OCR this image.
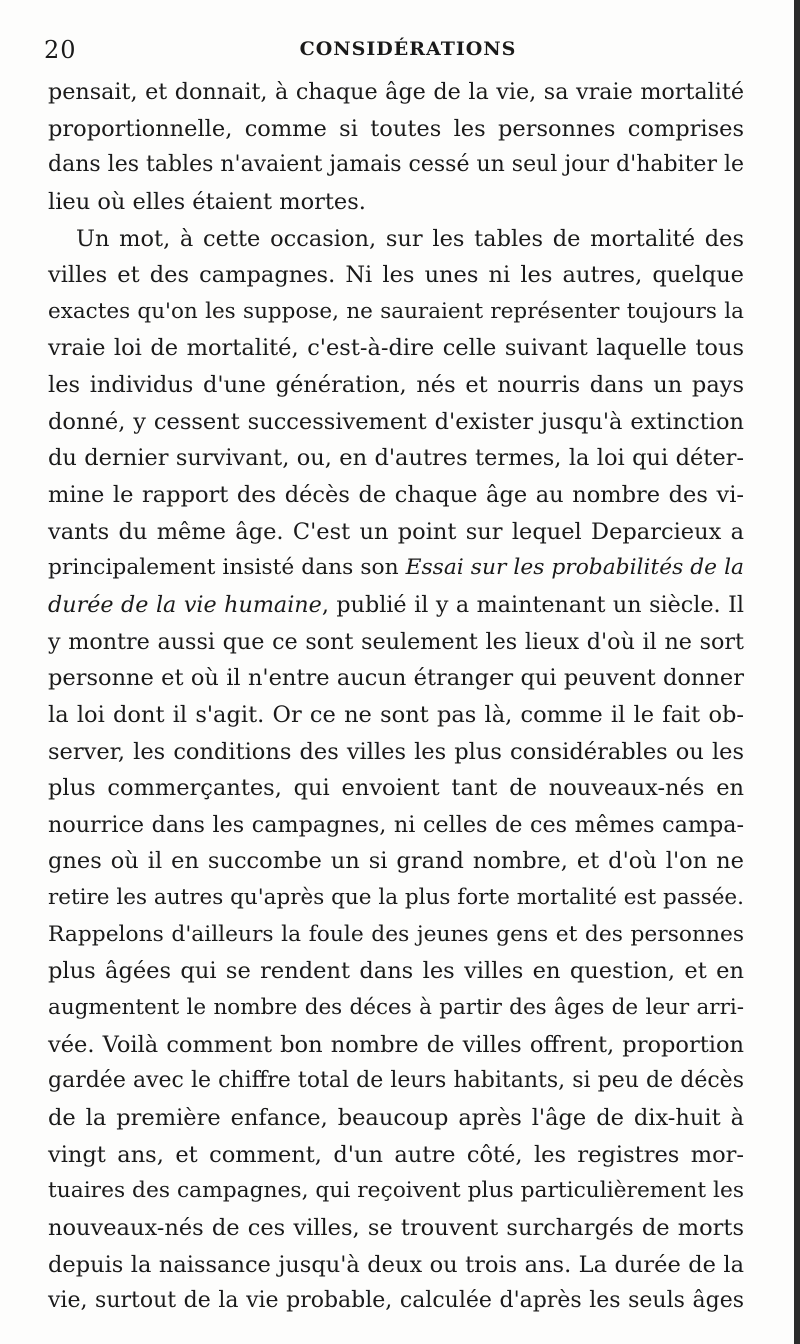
20	CONSIDÉRATIONS
pensait, et donnait, à chaque âge de la vie, sa vraie mortalité
proportionnelle, comme si toutes les personnes comprises
dans les tables n'avaient jamais cessé un seul jour d'habiter le
lieu où elles étaient mortes.
Un mot, à cette occasion, sur les tables de mortalité des
villes et des campagnes. Ni les unes ni les autres, quelque
exactes qu'on les suppose, ne sauraient représenter toujours la
vraie loi de mortalité, c'est-à-dire celle suivant laquelle tous
les individus d'une génération, nés et nourris dans un pays
donné, y cessent successivement d'exister jusqu'à extinction
du dernier survivant, ou, en d'autres termes, la loi qui déter-
mine le rapport des décès de chaque âge au nombre des vi-
vants du même âge. C'est un point sur lequel Deparcieux a
principalement insisté dans son Essai sur les probabilités de la
durée de la vie humaine, publié il y a maintenant un siècle. Il
y montre aussi que ce sont seulement les lieux d'où il ne sort
personne et où il n'entre aucun étranger qui peuvent donner
la loi dont il s'agit. Or ce ne sont pas là, comme il le fait ob-
server, les conditions des villes les plus considérables ou les
plus commerçantes, qui envoient tant de nouveaux-nés en
nourrice dans les campagnes, ni celles de ces mêmes campa-
gnes où il en succombe un si grand nombre, et d'où l'on ne
retire les autres qu'après que la plus forte mortalité est passée.
Rappelons d'ailleurs la foule des jeunes gens et des personnes
plus âgées qui se rendent dans les villes en question, et en
augmentent le nombre des déces à partir des âges de leur arri-
vée. Voilà comment bon nombre de villes offrent, proportion
gardée avec le chiffre total de leurs habitants, si peu de décès
de la première enfance, beaucoup après l'âge de dix-huit à
vingt ans, et comment, d'un autre côté, les registres mor-
tuaires des campagnes, qui reçoivent plus particulièrement les
nouveaux-nés de ces villes, se trouvent surchargés de morts
depuis la naissance jusqu'à deux ou trois ans. La durée de la
vie, surtout de la vie probable, calculée d'après les seuls âges
